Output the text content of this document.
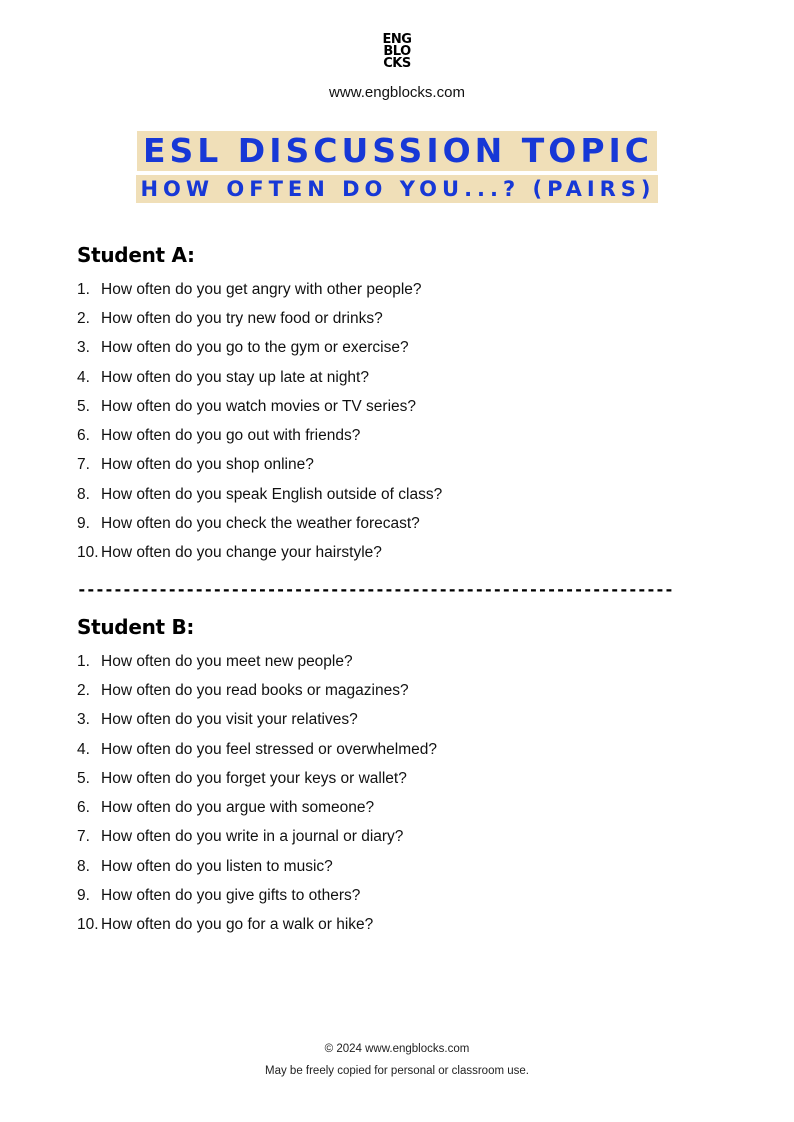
ENG
BLO
CKS
www.engblocks.com
ESL DISCUSSION TOPIC
HOW OFTEN DO YOU...? (PAIRS)
Student A:
1. How often do you get angry with other people?
2. How often do you try new food or drinks?
3. How often do you go to the gym or exercise?
4. How often do you stay up late at night?
5. How often do you watch movies or TV series?
6. How often do you go out with friends?
7. How often do you shop online?
8. How often do you speak English outside of class?
9. How often do you check the weather forecast?
10. How often do you change your hairstyle?
------------------------------------------------------------------
Student B:
1. How often do you meet new people?
2. How often do you read books or magazines?
3. How often do you visit your relatives?
4. How often do you feel stressed or overwhelmed?
5. How often do you forget your keys or wallet?
6. How often do you argue with someone?
7. How often do you write in a journal or diary?
8. How often do you listen to music?
9. How often do you give gifts to others?
10. How often do you go for a walk or hike?
© 2024 www.engblocks.com
May be freely copied for personal or classroom use.
